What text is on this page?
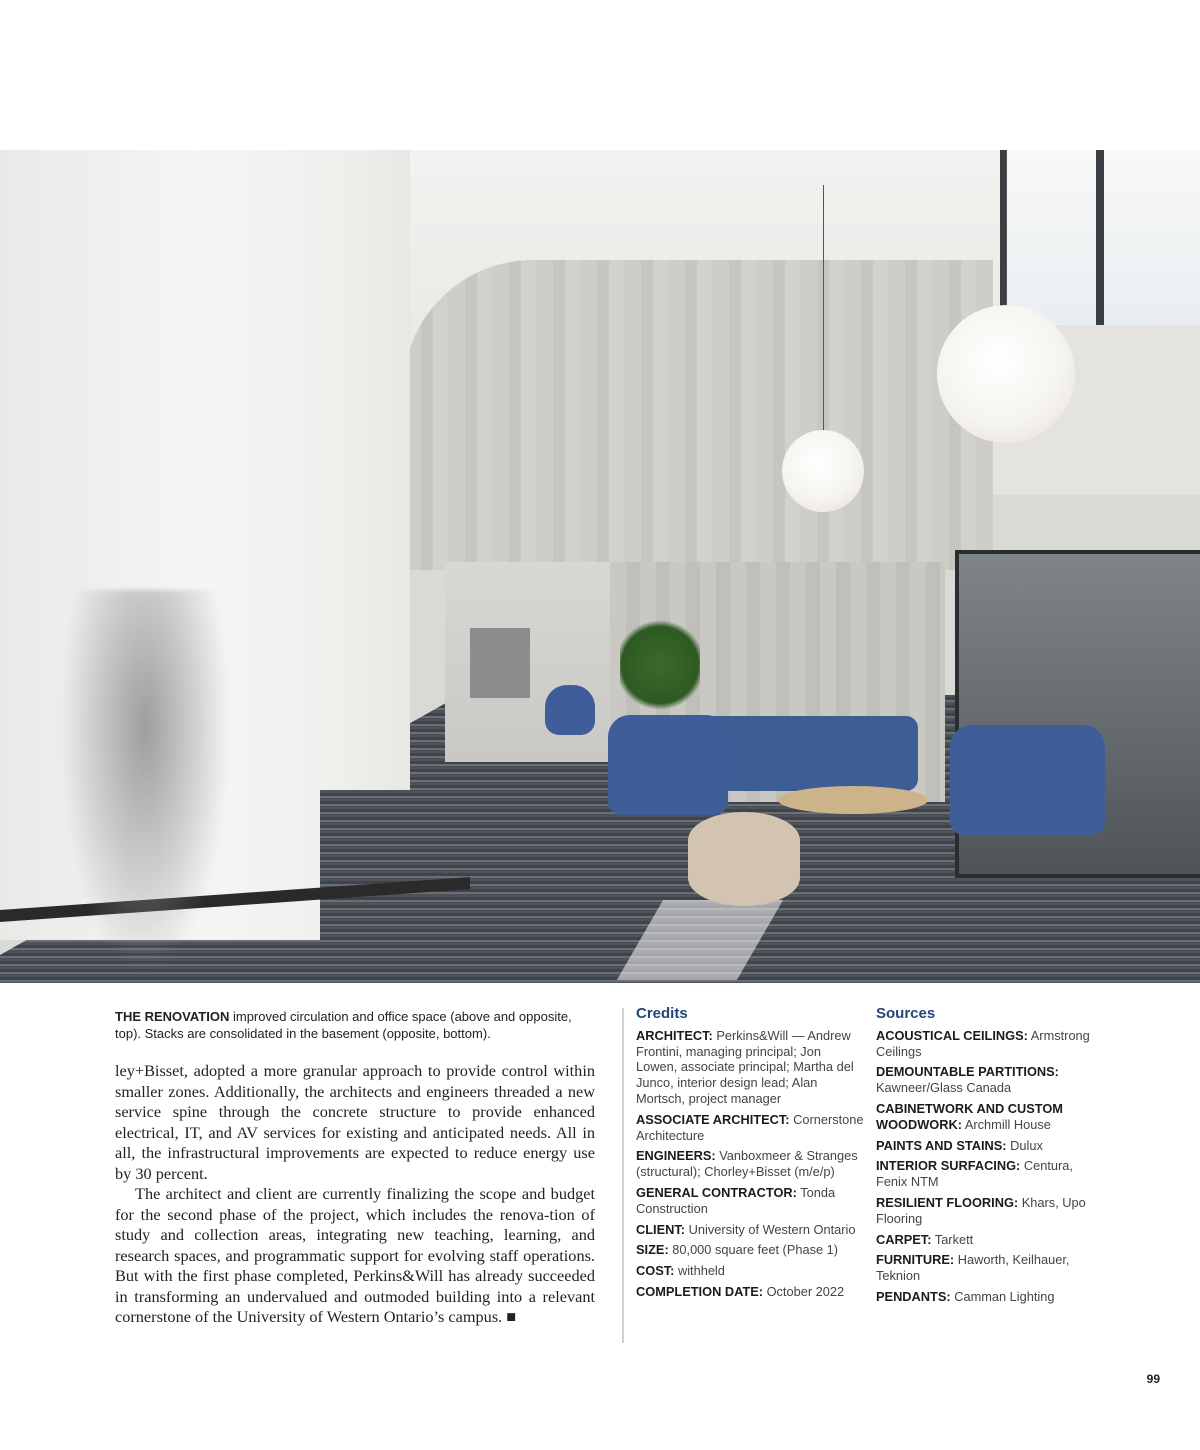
THE RENOVATION improved circulation and office space (above and opposite, top). Stacks are consolidated in the basement (opposite, bottom).

ley+Bisset, adopted a more granular approach to provide control within smaller zones. Additionally, the architects and engineers threaded a new service spine through the concrete structure to provide enhanced electrical, IT, and AV services for existing and anticipated needs. All in all, the infrastructural improvements are expected to reduce energy use by 30 percent.

The architect and client are currently finalizing the scope and budget for the second phase of the project, which includes the renova-tion of study and collection areas, integrating new teaching, learning, and research spaces, and programmatic support for evolving staff operations. But with the first phase completed, Perkins&Will has already succeeded in transforming an undervalued and outmoded building into a relevant cornerstone of the University of Western Ontario’s campus. ■

Credits
ARCHITECT: Perkins&Will — Andrew Frontini, managing principal; Jon Lowen, associate principal; Martha del Junco, interior design lead; Alan Mortsch, project manager
ASSOCIATE ARCHITECT: Cornerstone Architecture
ENGINEERS: Vanboxmeer & Stranges (structural); Chorley+Bisset (m/e/p)
GENERAL CONTRACTOR: Tonda Construction
CLIENT: University of Western Ontario
SIZE: 80,000 square feet (Phase 1)
COST: withheld
COMPLETION DATE: October 2022
Sources
ACOUSTICAL CEILINGS: Armstrong Ceilings
DEMOUNTABLE PARTITIONS: Kawneer/Glass Canada
CABINETWORK AND CUSTOM WOODWORK: Archmill House
PAINTS AND STAINS: Dulux
INTERIOR SURFACING: Centura, Fenix NTM
RESILIENT FLOORING: Khars, Upo Flooring
CARPET: Tarkett
FURNITURE: Haworth, Keilhauer, Teknion
PENDANTS: Camman Lighting
99
